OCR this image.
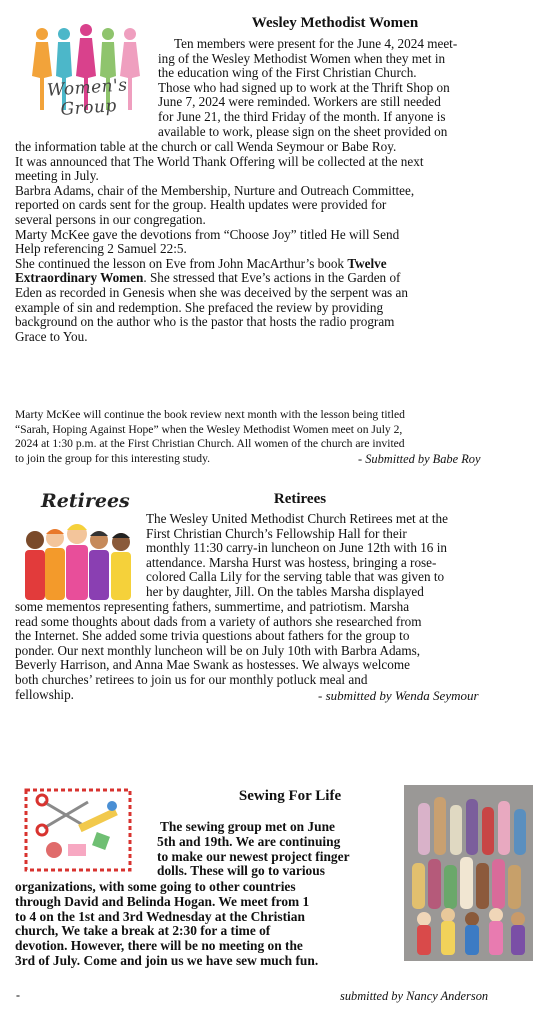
Women's Group
Wesley Methodist Women
Ten members were present for the June 4, 2024 meet-
ing of the Wesley Methodist Women when they met in
the education wing of the First Christian Church.
Those who had signed up to work at the Thrift Shop on
June 7, 2024 were reminded. Workers are still needed
for June 21, the third Friday of the month. If anyone is
available to work, please sign on the sheet provided on
the information table at the church or call Wenda Seymour or Babe Roy.
It was announced that The World Thank Offering will be collected at the next
meeting in July.
Barbra Adams, chair of the Membership, Nurture and Outreach Committee,
reported on cards sent for the group. Health updates were provided for
several persons in our congregation.
Marty McKee gave the devotions from “Choose Joy” titled He will Send
Help referencing 2 Samuel 22:5.
She continued the lesson on Eve from John MacArthur’s book Twelve
Extraordinary Women. She stressed that Eve’s actions in the Garden of
Eden as recorded in Genesis when she was deceived by the serpent was an
example of sin and redemption. She prefaced the review by providing
background on the author who is the pastor that hosts the radio program
Grace to You.
Marty McKee will continue the book review next month with the lesson being titled
“Sarah, Hoping Against Hope” when the Wesley Methodist Women meet on July 2,
2024 at 1:30 p.m. at the First Christian Church. All women of the church are invited
to join the group for this interesting study.	- Submitted by Babe Roy
Retirees	Retirees
The Wesley United Methodist Church Retirees met at the
First Christian Church’s Fellowship Hall for their
monthly 11:30 carry-in luncheon on June 12th with 16 in
attendance. Marsha Hurst was hostess, bringing a rose-
colored Calla Lily for the serving table that was given to
her by daughter, Jill. On the tables Marsha displayed
some mementos representing fathers, summertime, and patriotism. Marsha
read some thoughts about dads from a variety of authors she researched from
the Internet. She added some trivia questions about fathers for the group to
ponder. Our next monthly luncheon will be on July 10th with Barbra Adams,
Beverly Harrison, and Anna Mae Swank as hostesses. We always welcome
both churches’ retirees to join us for our monthly potluck meal and
fellowship.	- submitted by Wenda Seymour
Sewing For Life
The sewing group met on June
5th and 19th. We are continuing
to make our newest project finger
dolls. These will go to various
organizations, with some going to other countries
through David and Belinda Hogan. We meet from 1
to 4 on the 1st and 3rd Wednesday at the Christian
church, We take a break at 2:30 for a time of
devotion. However, there will be no meeting on the
3rd of July. Come and join us we have sew much fun.
-	submitted by Nancy Anderson
